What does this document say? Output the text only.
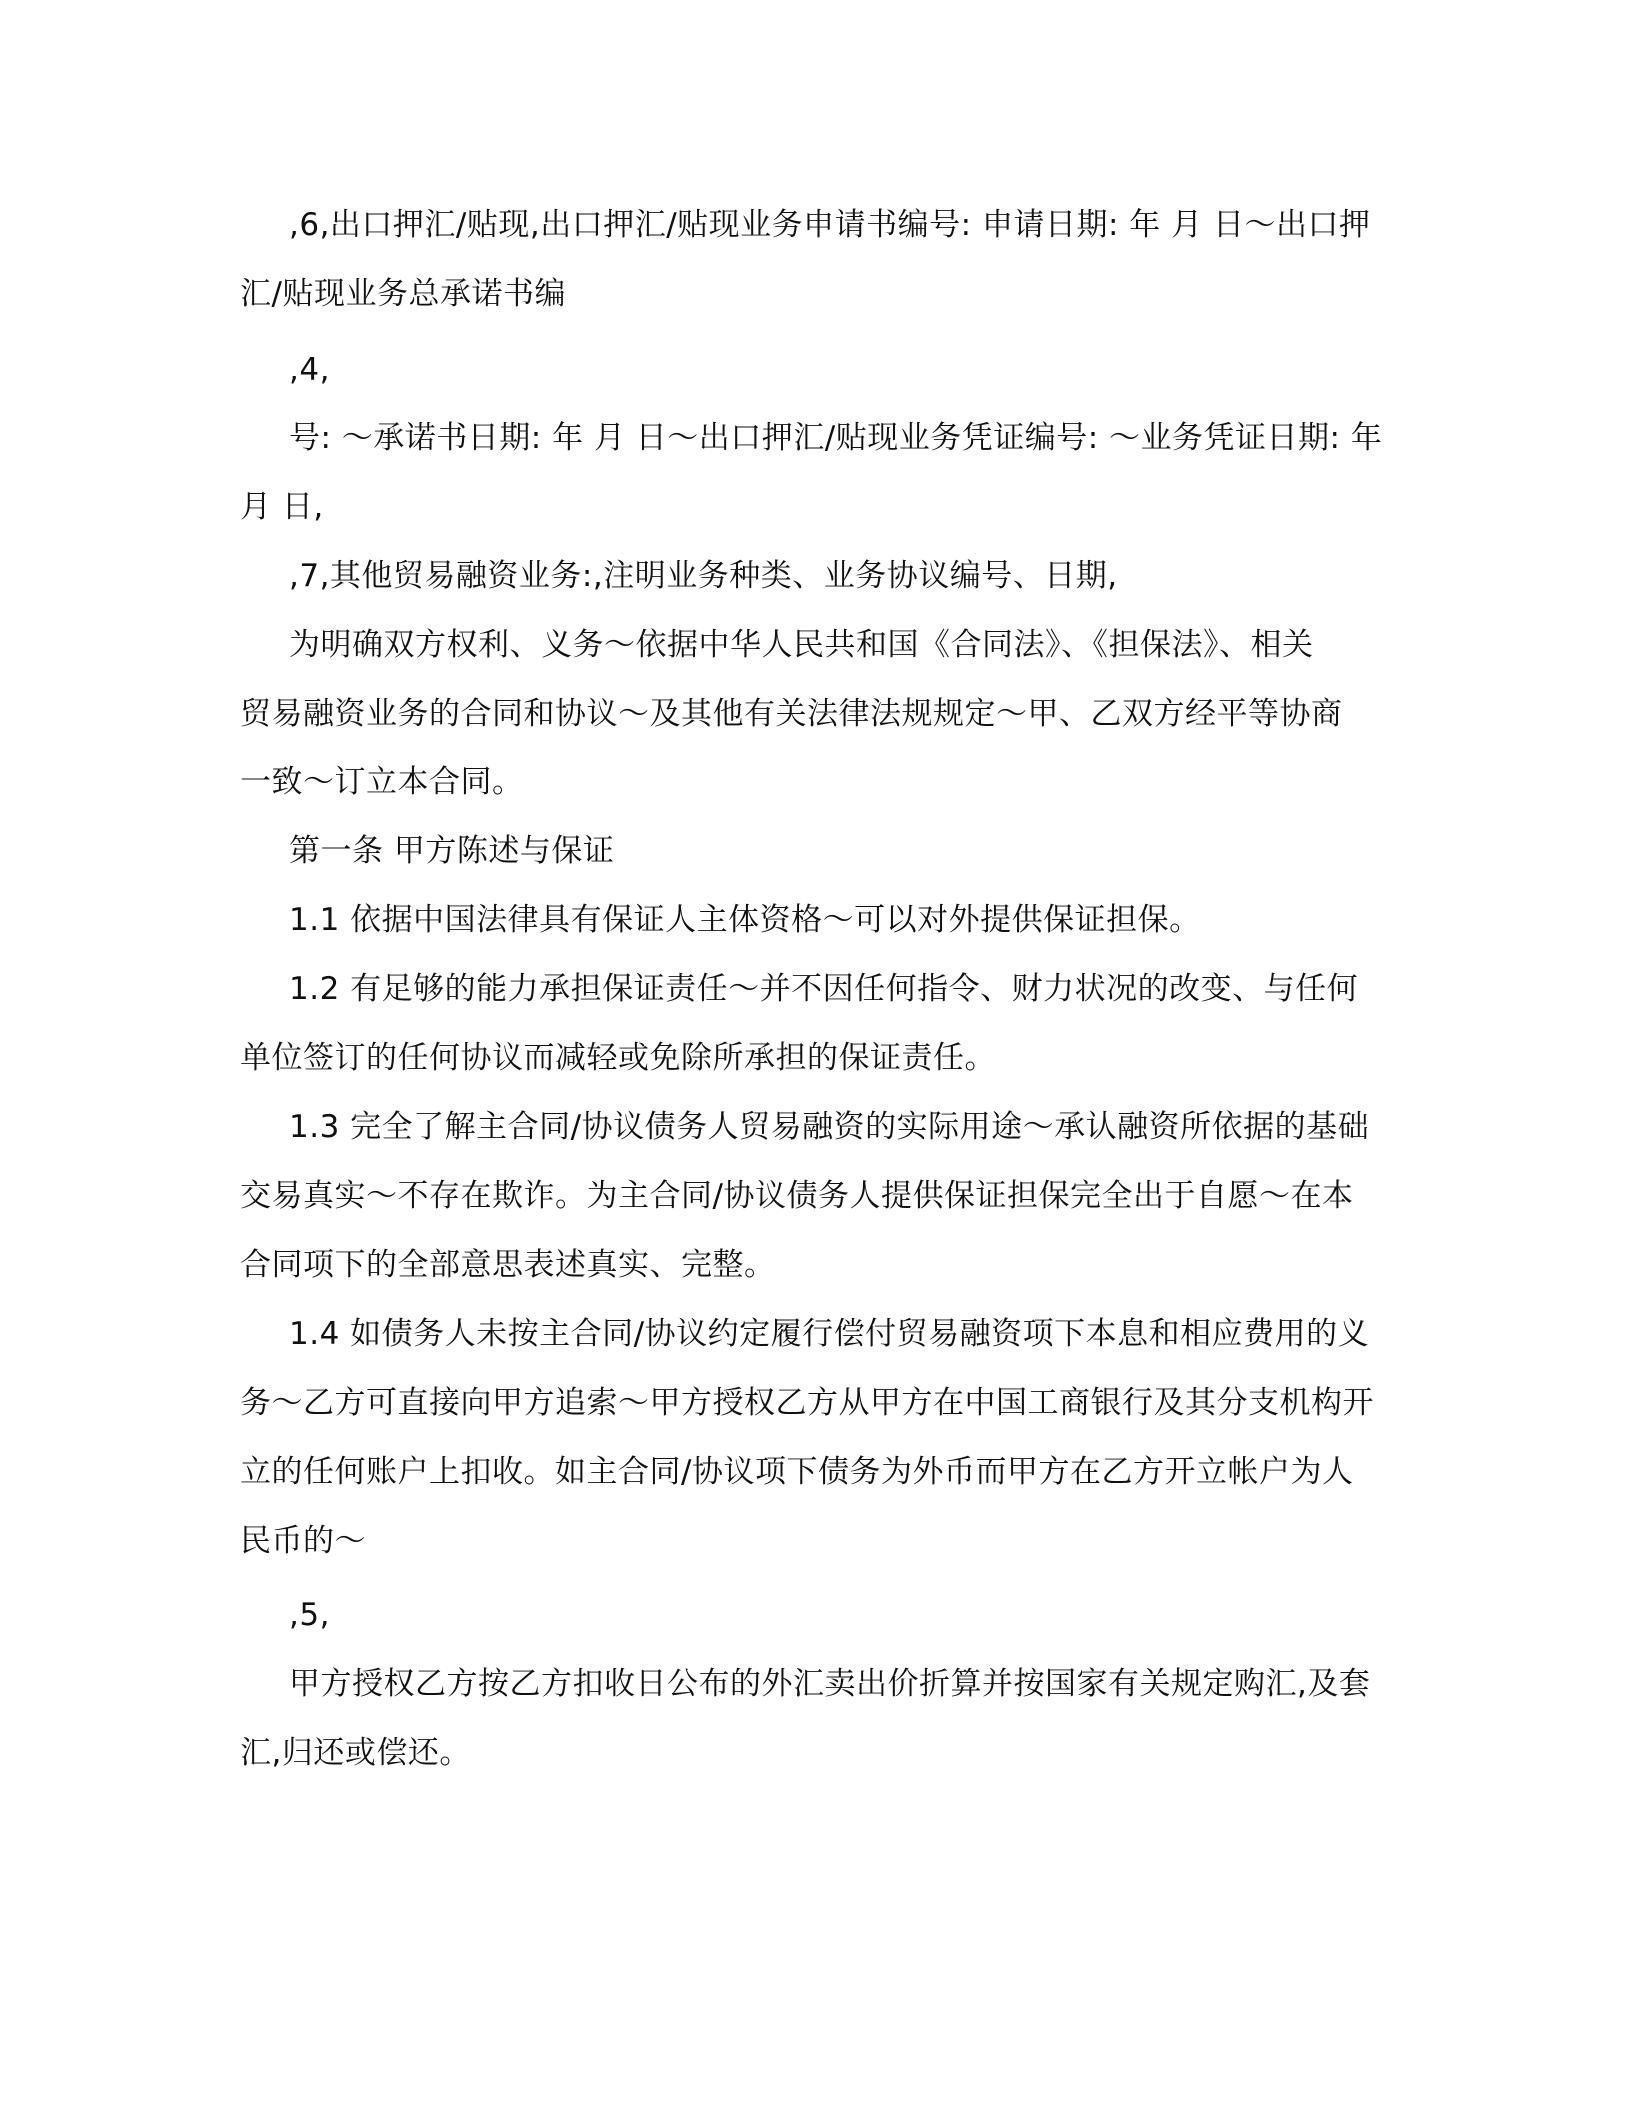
,6,出口押汇/贴现,出口押汇/贴现业务申请书编号: 申请日期: 年 月 日～出口押
汇/贴现业务总承诺书编
,4,
号: ～承诺书日期: 年 月 日～出口押汇/贴现业务凭证编号: ～业务凭证日期: 年
月 日,
,7,其他贸易融资业务:,注明业务种类、业务协议编号、日期,
为明确双方权利、义务～依据中华人民共和国《合同法》、《担保法》、相关
贸易融资业务的合同和协议～及其他有关法律法规规定～甲、乙双方经平等协商
一致～订立本合同。
第一条 甲方陈述与保证
1.1 依据中国法律具有保证人主体资格～可以对外提供保证担保。
1.2 有足够的能力承担保证责任～并不因任何指令、财力状况的改变、与任何
单位签订的任何协议而减轻或免除所承担的保证责任。
1.3 完全了解主合同/协议债务人贸易融资的实际用途～承认融资所依据的基础
交易真实～不存在欺诈。为主合同/协议债务人提供保证担保完全出于自愿～在本
合同项下的全部意思表述真实、完整。
1.4 如债务人未按主合同/协议约定履行偿付贸易融资项下本息和相应费用的义
务～乙方可直接向甲方追索～甲方授权乙方从甲方在中国工商银行及其分支机构开
立的任何账户上扣收。如主合同/协议项下债务为外币而甲方在乙方开立帐户为人
民币的～
,5,
甲方授权乙方按乙方扣收日公布的外汇卖出价折算并按国家有关规定购汇,及套
汇,归还或偿还。
